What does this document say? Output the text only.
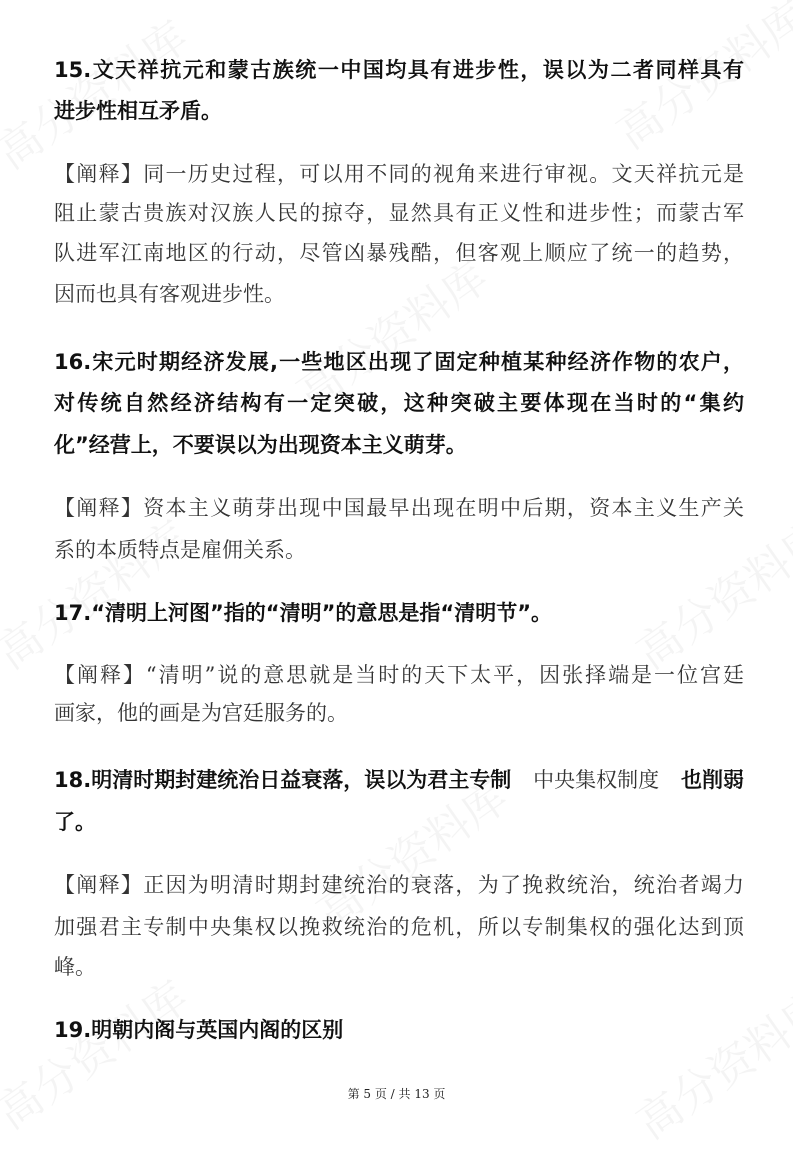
15.文天祥抗元和蒙古族统一中国均具有进步性，误以为二者同样具有
进步性相互矛盾。
【阐释】同一历史过程，可以用不同的视角来进行审视。文天祥抗元是
阻止蒙古贵族对汉族人民的掠夺，显然具有正义性和进步性；而蒙古军
队进军江南地区的行动，尽管凶暴残酷，但客观上顺应了统一的趋势，
因而也具有客观进步性。
16.宋元时期经济发展,一些地区出现了固定种植某种经济作物的农户，
对传统自然经济结构有一定突破，这种突破主要体现在当时的“集约
化”经营上，不要误以为出现资本主义萌芽。
【阐释】资本主义萌芽出现中国最早出现在明中后期，资本主义生产关
系的本质特点是雇佣关系。
17.“清明上河图”指的“清明”的意思是指“清明节”。
【阐释】“清明”说的意思就是当时的天下太平，因张择端是一位宫廷
画家，他的画是为宫廷服务的。
18.明清时期封建统治日益衰落，误以为君主专制 中央集权制度 也削弱
了。
【阐释】正因为明清时期封建统治的衰落，为了挽救统治，统治者竭力
加强君主专制中央集权以挽救统治的危机，所以专制集权的强化达到顶
峰。
19.明朝内阁与英国内阁的区别
第 5 页 / 共 13 页
